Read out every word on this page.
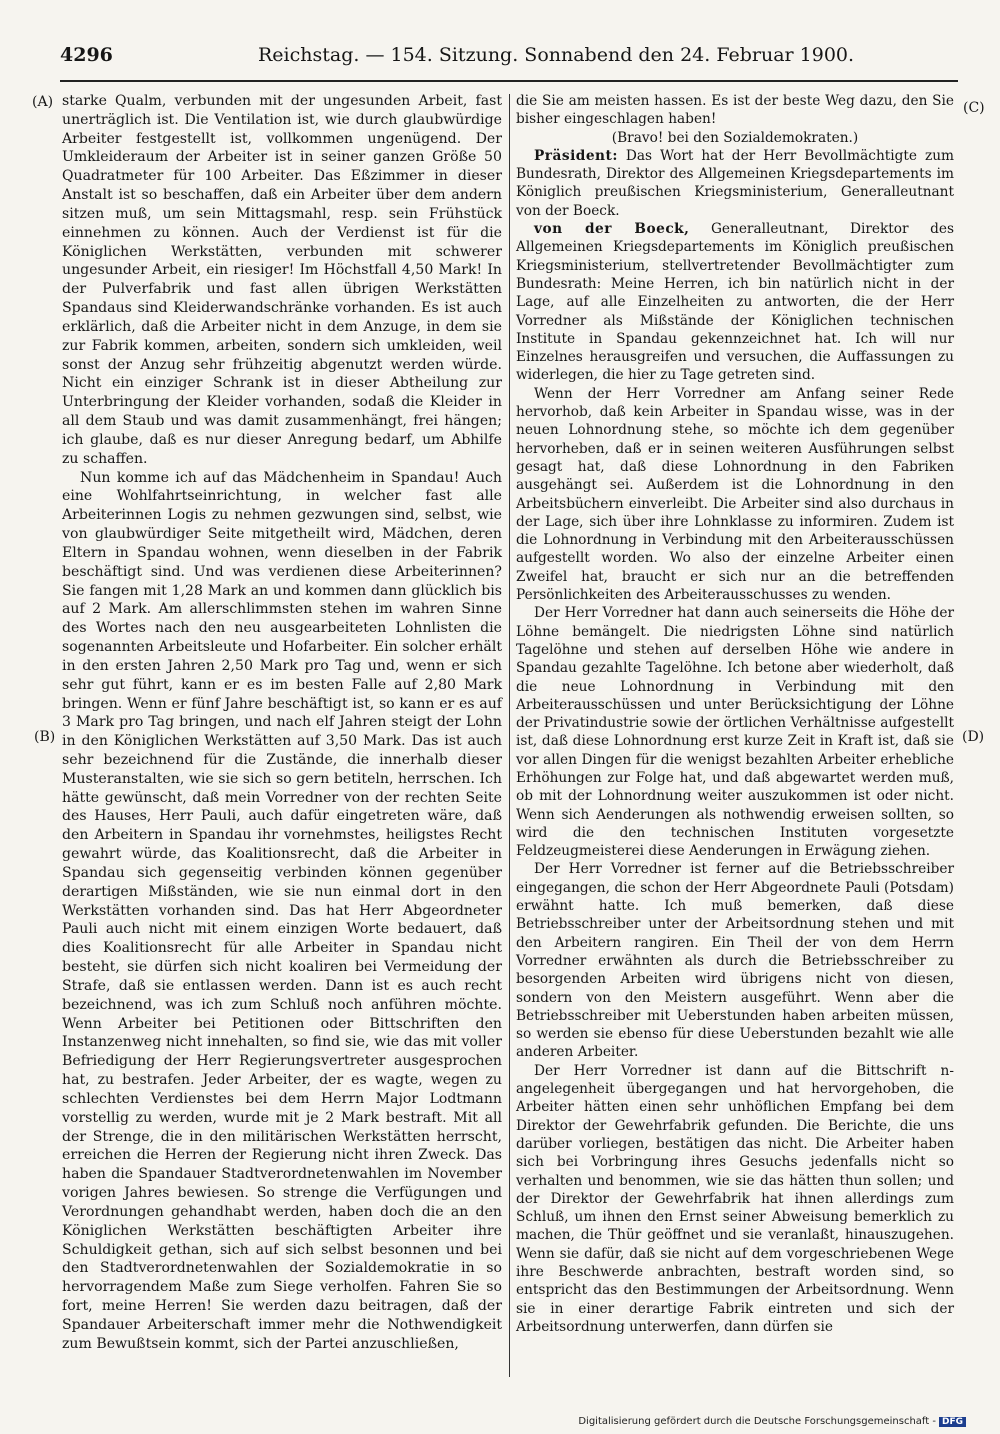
4296	Reichstag. — 154. Sitzung. Sonnabend den 24. Februar 1900.
(A)
(B)
(C)
(D)

starke Qualm, verbunden mit der ungesunden Arbeit, fast unerträglich ist. Die Ventilation ist, wie durch glaubwürdige Arbeiter festgestellt ist, vollkommen ungenügend. Der Umkleideraum der Arbeiter ist in seiner ganzen Größe 50 Quadratmeter für 100 Arbeiter. Das Eßzimmer in dieser Anstalt ist so beschaffen, daß ein Arbeiter über dem andern sitzen muß, um sein Mittagsmahl, resp. sein Frühstück einnehmen zu können. Auch der Verdienst ist für die Königlichen Werkstätten, verbunden mit schwerer ungesunder Arbeit, ein riesiger! Im Höchstfall 4,50 Mark! In der Pulverfabrik und fast allen übrigen Werkstätten Spandaus sind Kleiderwandschränke vorhanden. Es ist auch erklärlich, daß die Arbeiter nicht in dem Anzuge, in dem sie zur Fabrik kommen, arbeiten, sondern sich umkleiden, weil sonst der Anzug sehr frühzeitig abgenutzt werden würde. Nicht ein einziger Schrank ist in dieser Abtheilung zur Unterbringung der Kleider vorhanden, sodaß die Kleider in all dem Staub und was damit zusammenhängt, frei hängen; ich glaube, daß es nur dieser Anregung bedarf, um Abhilfe zu schaffen.

Nun komme ich auf das Mädchenheim in Spandau! Auch eine Wohlfahrtseinrichtung, in welcher fast alle Arbeiterinnen Logis zu nehmen gezwungen sind, selbst, wie von glaubwürdiger Seite mitgetheilt wird, Mädchen, deren Eltern in Spandau wohnen, wenn dieselben in der Fabrik beschäftigt sind. Und was verdienen diese Arbeiterinnen? Sie fangen mit 1,28 Mark an und kommen dann glücklich bis auf 2 Mark. Am allerschlimmsten stehen im wahren Sinne des Wortes nach den neu ausgearbeiteten Lohnlisten die sogenannten Arbeitsleute und Hofarbeiter. Ein solcher erhält in den ersten Jahren 2,50 Mark pro Tag und, wenn er sich sehr gut führt, kann er es im besten Falle auf 2,80 Mark bringen. Wenn er fünf Jahre beschäftigt ist, so kann er es auf 3 Mark pro Tag bringen, und nach elf Jahren steigt der Lohn in den Königlichen Werkstätten auf 3,50 Mark. Das ist auch sehr bezeichnend für die Zustände, die innerhalb dieser Musteranstalten, wie sie sich so gern betiteln, herrschen. Ich hätte gewünscht, daß mein Vorredner von der rechten Seite des Hauses, Herr Pauli, auch dafür eingetreten wäre, daß den Arbeitern in Spandau ihr vornehmstes, heiligstes Recht gewahrt würde, das Koalitionsrecht, daß die Arbeiter in Spandau sich gegenseitig verbinden können gegenüber derartigen Mißständen, wie sie nun einmal dort in den Werkstätten vorhanden sind. Das hat Herr Abgeordneter Pauli auch nicht mit einem einzigen Worte bedauert, daß dies Koalitionsrecht für alle Arbeiter in Spandau nicht besteht, sie dürfen sich nicht koaliren bei Vermeidung der Strafe, daß sie entlassen werden. Dann ist es auch recht bezeichnend, was ich zum Schluß noch anführen möchte. Wenn Arbeiter bei Petitionen oder Bittschriften den Instanzenweg nicht innehalten, so find sie, wie das mit voller Befriedigung der Herr Regierungsvertreter ausgesprochen hat, zu bestrafen. Jeder Arbeiter, der es wagte, wegen zu schlechten Verdienstes bei dem Herrn Major Lodtmann vorstellig zu werden, wurde mit je 2 Mark bestraft. Mit all der Strenge, die in den militärischen Werkstätten herrscht, erreichen die Herren der Regierung nicht ihren Zweck. Das haben die Spandauer Stadtverordnetenwahlen im November vorigen Jahres bewiesen. So strenge die Verfügungen und Verordnungen gehandhabt werden, haben doch die an den Königlichen Werkstätten beschäftigten Arbeiter ihre Schuldigkeit gethan, sich auf sich selbst besonnen und bei den Stadtverordnetenwahlen der Sozialdemokratie in so hervorragendem Maße zum Siege verholfen. Fahren Sie so fort, meine Herren! Sie werden dazu beitragen, daß der Spandauer Arbeiterschaft immer mehr die Nothwendigkeit zum Bewußtsein kommt, sich der Partei anzuschließen,

die Sie am meisten hassen. Es ist der beste Weg dazu, den Sie bisher eingeschlagen haben!

(Bravo! bei den Sozialdemokraten.)

Präsident: Das Wort hat der Herr Bevollmächtigte zum Bundesrath, Direktor des Allgemeinen Kriegsdepartements im Königlich preußischen Kriegsministerium, Generalleutnant von der Boeck.

von der Boeck, Generalleutnant, Direktor des Allgemeinen Kriegsdepartements im Königlich preußischen Kriegsministerium, stellvertretender Bevollmächtigter zum Bundesrath: Meine Herren, ich bin natürlich nicht in der Lage, auf alle Einzelheiten zu antworten, die der Herr Vorredner als Mißstände der Königlichen technischen Institute in Spandau gekennzeichnet hat. Ich will nur Einzelnes herausgreifen und versuchen, die Auffassungen zu widerlegen, die hier zu Tage getreten sind.

Wenn der Herr Vorredner am Anfang seiner Rede hervorhob, daß kein Arbeiter in Spandau wisse, was in der neuen Lohnordnung stehe, so möchte ich dem gegenüber hervorheben, daß er in seinen weiteren Ausführungen selbst gesagt hat, daß diese Lohnordnung in den Fabriken ausgehängt sei. Außerdem ist die Lohnordnung in den Arbeitsbüchern einverleibt. Die Arbeiter sind also durchaus in der Lage, sich über ihre Lohnklasse zu informiren. Zudem ist die Lohnordnung in Verbindung mit den Arbeiterausschüssen aufgestellt worden. Wo also der einzelne Arbeiter einen Zweifel hat, braucht er sich nur an die betreffenden Persönlichkeiten des Arbeiterausschusses zu wenden.

Der Herr Vorredner hat dann auch seinerseits die Höhe der Löhne bemängelt. Die niedrigsten Löhne sind natürlich Tagelöhne und stehen auf derselben Höhe wie andere in Spandau gezahlte Tagelöhne. Ich betone aber wiederholt, daß die neue Lohnordnung in Verbindung mit den Arbeiterausschüssen und unter Berücksichtigung der Löhne der Privatindustrie sowie der örtlichen Verhältnisse aufgestellt ist, daß diese Lohnordnung erst kurze Zeit in Kraft ist, daß sie vor allen Dingen für die wenigst bezahlten Arbeiter erhebliche Erhöhungen zur Folge hat, und daß abgewartet werden muß, ob mit der Lohnordnung weiter auszukommen ist oder nicht. Wenn sich Aenderungen als nothwendig erweisen sollten, so wird die den technischen Instituten vorgesetzte Feldzeugmeisterei diese Aenderungen in Erwägung ziehen.

Der Herr Vorredner ist ferner auf die Betriebsschreiber eingegangen, die schon der Herr Abgeordnete Pauli (Potsdam) erwähnt hatte. Ich muß bemerken, daß diese Betriebsschreiber unter der Arbeitsordnung stehen und mit den Arbeitern rangiren. Ein Theil der von dem Herrn Vorredner erwähnten als durch die Betriebsschreiber zu besorgenden Arbeiten wird übrigens nicht von diesen, sondern von den Meistern ausgeführt. Wenn aber die Betriebsschreiber mit Ueberstunden haben arbeiten müssen, so werden sie ebenso für diese Ueberstunden bezahlt wie alle anderen Arbeiter.

Der Herr Vorredner ist dann auf die Bittschrift n-angelegenheit übergegangen und hat hervorgehoben, die Arbeiter hätten einen sehr unhöflichen Empfang bei dem Direktor der Gewehrfabrik gefunden. Die Berichte, die uns darüber vorliegen, bestätigen das nicht. Die Arbeiter haben sich bei Vorbringung ihres Gesuchs jedenfalls nicht so verhalten und benommen, wie sie das hätten thun sollen; und der Direktor der Gewehrfabrik hat ihnen allerdings zum Schluß, um ihnen den Ernst seiner Abweisung bemerklich zu machen, die Thür geöffnet und sie veranlaßt, hinauszugehen. Wenn sie dafür, daß sie nicht auf dem vorgeschriebenen Wege ihre Beschwerde anbrachten, bestraft worden sind, so entspricht das den Bestimmungen der Arbeitsordnung. Wenn sie in einer derartige Fabrik eintreten und sich der Arbeitsordnung unterwerfen, dann dürfen sie

Digitalisierung gefördert durch die Deutsche Forschungsgemeinschaft - DFG
